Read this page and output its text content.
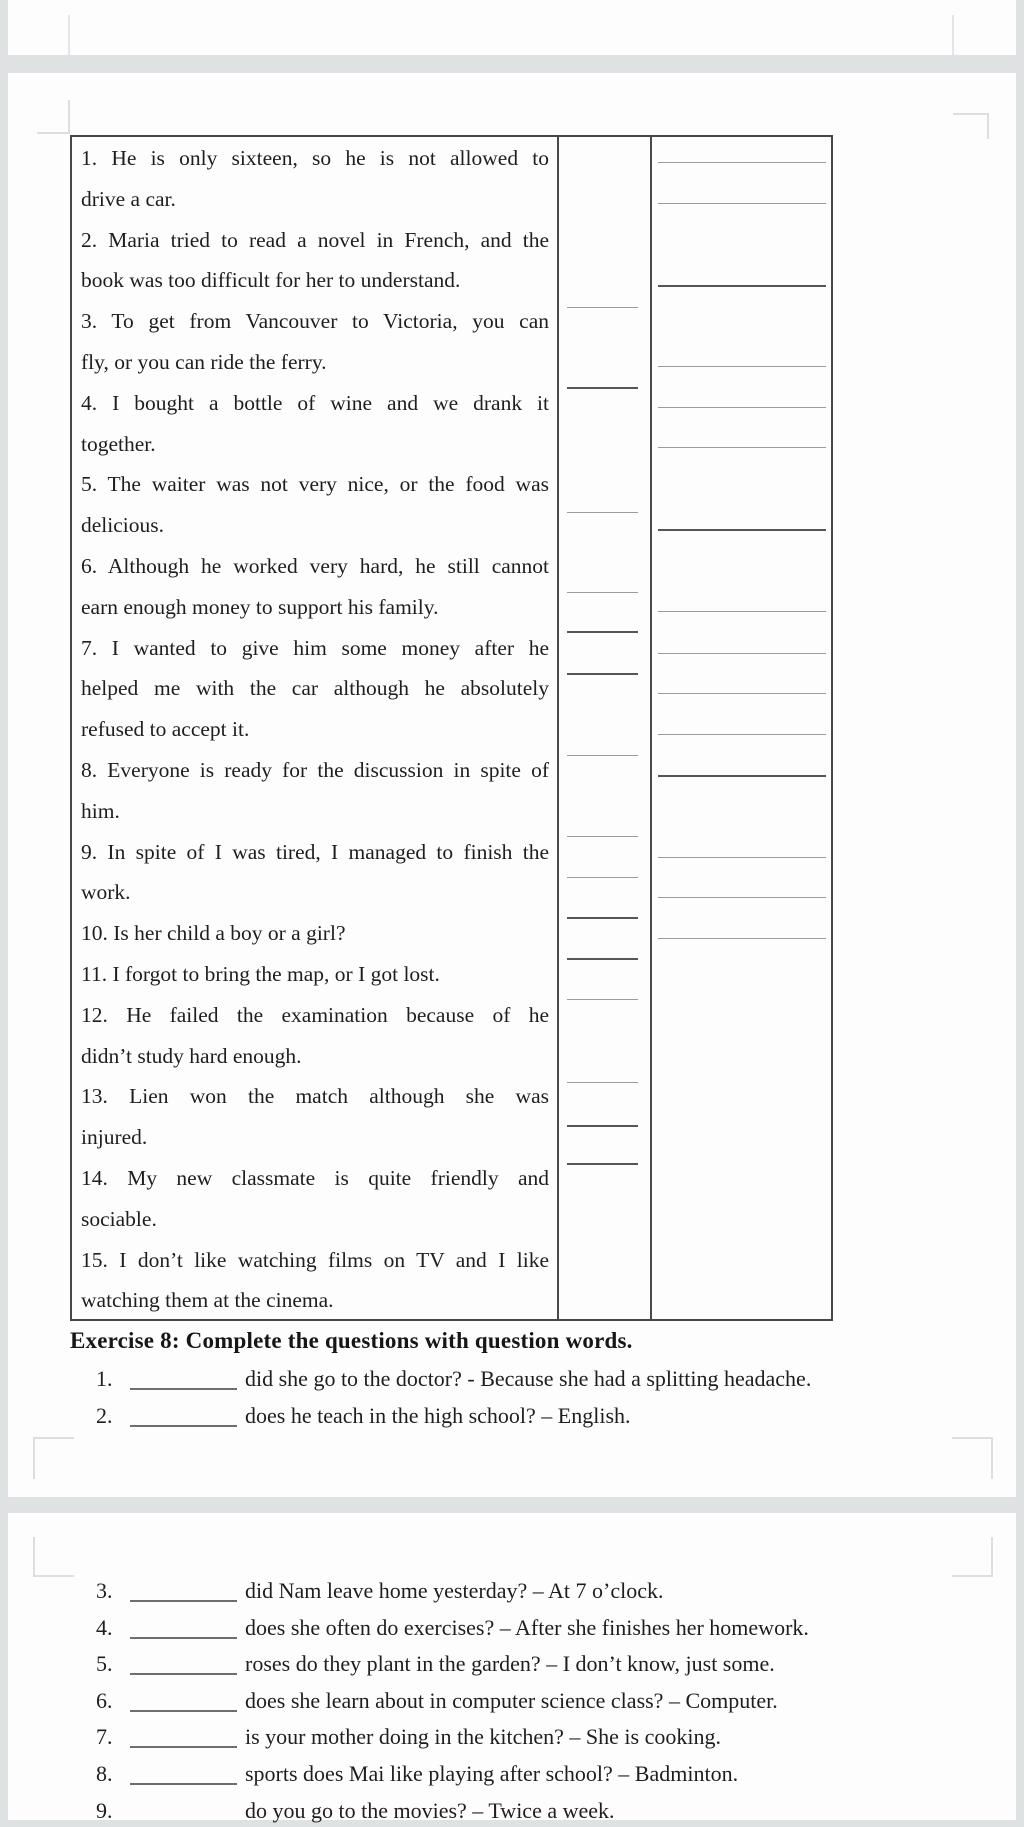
1. He is only sixteen, so he is not allowed to
drive a car.
2. Maria tried to read a novel in French, and the
book was too difficult for her to understand.
3. To get from Vancouver to Victoria, you can
fly, or you can ride the ferry.
4. I bought a bottle of wine and we drank it
together.
5. The waiter was not very nice, or the food was
delicious.
6. Although he worked very hard, he still cannot
earn enough money to support his family.
7. I wanted to give him some money after he
helped me with the car although he absolutely
refused to accept it.
8. Everyone is ready for the discussion in spite of
him.
9. In spite of I was tired, I managed to finish the
work.
10. Is her child a boy or a girl?
11. I forgot to bring the map, or I got lost.
12. He failed the examination because of he
didn’t study hard enough.
13. Lien won the match although she was
injured.
14. My new classmate is quite friendly and
sociable.
15. I don’t like watching films on TV and I like
watching them at the cinema.
Exercise 8: Complete the questions with question words.
1.	did she go to the doctor? - Because she had a splitting headache.
2.	does he teach in the high school? – English.
3.	did Nam leave home yesterday? – At 7 o’clock.
4.	does she often do exercises? – After she finishes her homework.
5.	roses do they plant in the garden? – I don’t know, just some.
6.	does she learn about in computer science class? – Computer.
7.	is your mother doing in the kitchen? – She is cooking.
8.	sports does Mai like playing after school? – Badminton.
9.	do you go to the movies? – Twice a week.
